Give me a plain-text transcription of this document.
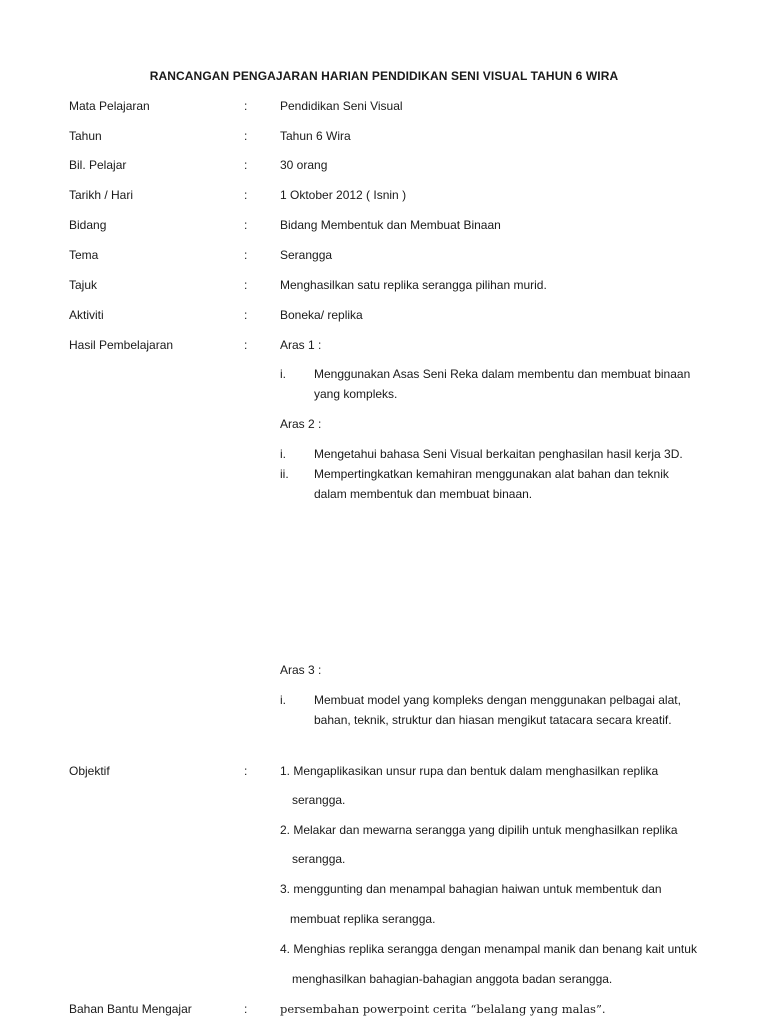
RANCANGAN PENGAJARAN HARIAN PENDIDIKAN SENI VISUAL TAHUN 6 WIRA
Mata Pelajaran	:	Pendidikan Seni Visual
Tahun	:	Tahun 6 Wira
Bil. Pelajar	:	30 orang
Tarikh / Hari	:	1 Oktober 2012 ( Isnin )
Bidang	:	Bidang Membentuk dan Membuat Binaan
Tema	:	Serangga
Tajuk	:	Menghasilkan satu replika serangga pilihan murid.
Aktiviti	:	Boneka/ replika
Hasil Pembelajaran	:	Aras 1 :
i. Menggunakan Asas Seni Reka dalam membentu dan membuat binaan yang kompleks.
Aras 2 :
i. Mengetahui bahasa Seni Visual berkaitan penghasilan hasil kerja 3D.
ii. Mempertingkatkan kemahiran menggunakan alat bahan dan teknik dalam membentuk dan membuat binaan.
Aras 3 :
i. Membuat model yang kompleks dengan menggunakan pelbagai alat, bahan, teknik, struktur dan hiasan mengikut tatacara secara kreatif.
Objektif	:	1. Mengaplikasikan unsur rupa dan bentuk dalam menghasilkan replika
serangga.
2. Melakar dan mewarna serangga yang dipilih untuk menghasilkan replika
serangga.
3. menggunting dan menampal bahagian haiwan untuk membentuk dan
membuat replika serangga.
4. Menghias replika serangga dengan menampal manik dan benang kait untuk
menghasilkan bahagian-bahagian anggota badan serangga.
Bahan Bantu Mengajar	:	persembahan powerpoint cerita “belalang yang malas”.
